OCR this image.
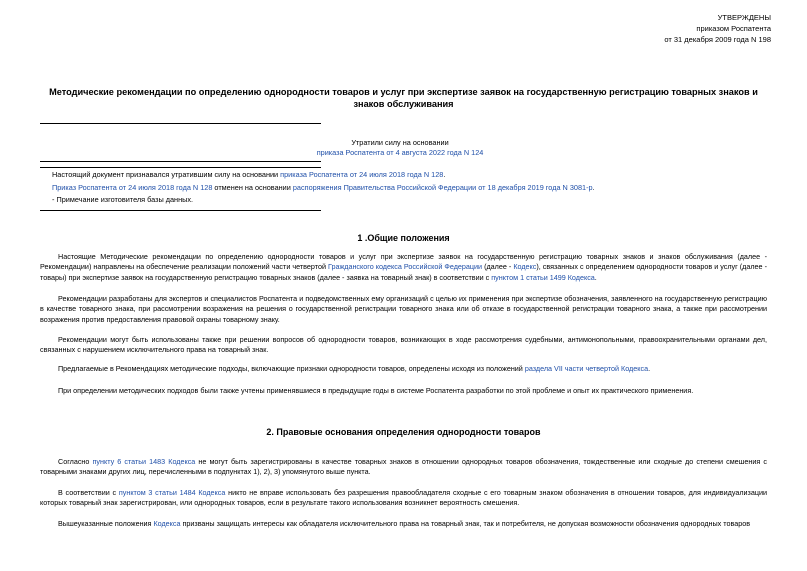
УТВЕРЖДЕНЫ
приказом Роспатента
от 31 декабря 2009 года N 198
Методические рекомендации по определению однородности товаров и услуг при экспертизе заявок на государственную регистрацию товарных знаков и знаков обслуживания
Утратили силу на основании
приказа Роспатента от 4 августа 2022 года N 124
Настоящий документ признавался утратившим силу на основании приказа Роспатента от 24 июля 2018 года N 128.
Приказ Роспатента от 24 июля 2018 года N 128 отменен на основании распоряжения Правительства Российской Федерации от 18 декабря 2019 года N 3081-р.
- Примечание изготовителя базы данных.
1 .Общие положения
Настоящие Методические рекомендации по определению однородности товаров и услуг при экспертизе заявок на государственную регистрацию товарных знаков и знаков обслуживания (далее - Рекомендации) направлены на обеспечение реализации положений части четвертой Гражданского кодекса Российской Федерации (далее - Кодекс), связанных с определением однородности товаров и услуг (далее - товары) при экспертизе заявок на государственную регистрацию товарных знаков (далее - заявка на товарный знак) в соответствии с пунктом 1 статьи 1499 Кодекса.
Рекомендации разработаны для экспертов и специалистов Роспатента и подведомственных ему организаций с целью их применения при экспертизе обозначения, заявленного на государственную регистрацию в качестве товарного знака, при рассмотрении возражения на решения о государственной регистрации товарного знака или об отказе в государственной регистрации товарного знака, а также при рассмотрении возражения против предоставления правовой охраны товарному знаку.
Рекомендации могут быть использованы также при решении вопросов об однородности товаров, возникающих в ходе рассмотрения судебными, антимонопольными, правоохранительными органами дел, связанных с нарушением исключительного права на товарный знак.
Предлагаемые в Рекомендациях методические подходы, включающие признаки однородности товаров, определены исходя из положений раздела VII части четвертой Кодекса.
При определении методических подходов были также учтены применявшиеся в предыдущие годы в системе Роспатента разработки по этой проблеме и опыт их практического применения.
2. Правовые основания определения однородности товаров
Согласно пункту 6 статьи 1483 Кодекса не могут быть зарегистрированы в качестве товарных знаков в отношении однородных товаров обозначения, тождественные или сходные до степени смешения с товарными знаками других лиц, перечисленными в подпунктах 1), 2), 3) упомянутого выше пункта.
В соответствии с пунктом 3 статьи 1484 Кодекса никто не вправе использовать без разрешения правообладателя сходные с его товарным знаком обозначения в отношении товаров, для индивидуализации которых товарный знак зарегистрирован, или однородных товаров, если в результате такого использования возникнет вероятность смешения.
Вышеуказанные положения Кодекса призваны защищать интересы как обладателя исключительного права на товарный знак, так и потребителя, не допуская возможности обозначения однородных товаров
